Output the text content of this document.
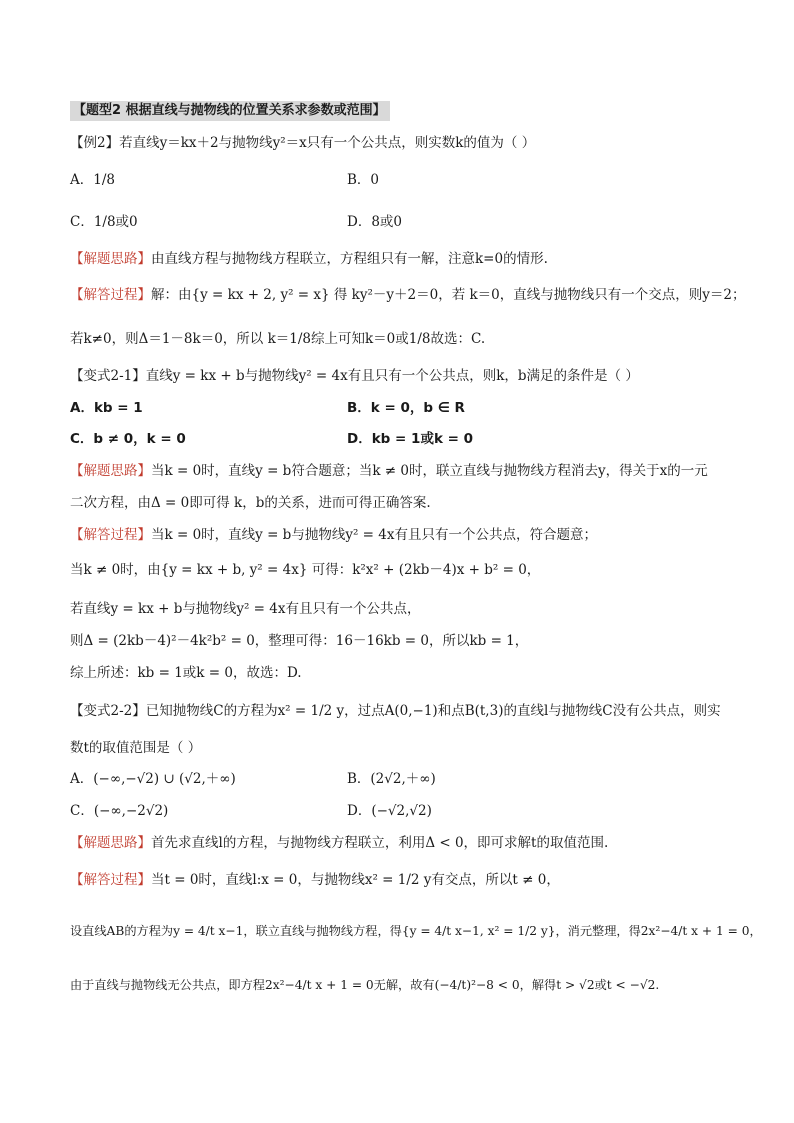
【题型2 根据直线与抛物线的位置关系求参数或范围】
【例2】若直线y＝kx＋2与抛物线y²＝x只有一个公共点，则实数k的值为（ ）
A．1/8	B．0
C．1/8或0	D．8或0
【解题思路】由直线方程与抛物线方程联立，方程组只有一解，注意k=0的情形.
【解答过程】解：由{y = kx + 2, y² = x} 得 ky²－y＋2＝0，若 k＝0，直线与抛物线只有一个交点，则y＝2；
若k≠0，则Δ＝1－8k＝0，所以 k＝1/8综上可知k＝0或1/8故选：C.
【变式2-1】直线y = kx + b与抛物线y² = 4x有且只有一个公共点，则k，b满足的条件是（ ）
A．kb = 1	B．k = 0，b ∈ R
C．b ≠ 0，k = 0	D．kb = 1或k = 0
【解题思路】当k = 0时，直线y = b符合题意；当k ≠ 0时，联立直线与抛物线方程消去y，得关于x的一元
二次方程，由Δ = 0即可得 k，b的关系，进而可得正确答案.
【解答过程】当k = 0时，直线y = b与抛物线y² = 4x有且只有一个公共点，符合题意；
当k ≠ 0时，由{y = kx + b, y² = 4x} 可得：k²x² + (2kb－4)x + b² = 0，
若直线y = kx + b与抛物线y² = 4x有且只有一个公共点，
则Δ = (2kb－4)²－4k²b² = 0，整理可得：16－16kb = 0，所以kb = 1，
综上所述：kb = 1或k = 0，故选：D.
【变式2-2】已知抛物线C的方程为x² = 1/2 y，过点A(0,−1)和点B(t,3)的直线l与抛物线C没有公共点，则实
数t的取值范围是（ ）
A．(−∞,−√2) ∪ (√2,＋∞)	B．(2√2,＋∞)
C．(−∞,−2√2)	D．(−√2,√2)
【解题思路】首先求直线l的方程，与抛物线方程联立，利用Δ < 0，即可求解t的取值范围.
【解答过程】当t = 0时，直线l:x = 0，与抛物线x² = 1/2 y有交点，所以t ≠ 0，
设直线AB的方程为y = 4/t x−1，联立直线与抛物线方程，得{y = 4/t x−1, x² = 1/2 y}，消元整理，得2x²−4/t x + 1 = 0，
由于直线与抛物线无公共点，即方程2x²−4/t x + 1 = 0无解，故有(−4/t)²−8 < 0，解得t > √2或t < −√2.
